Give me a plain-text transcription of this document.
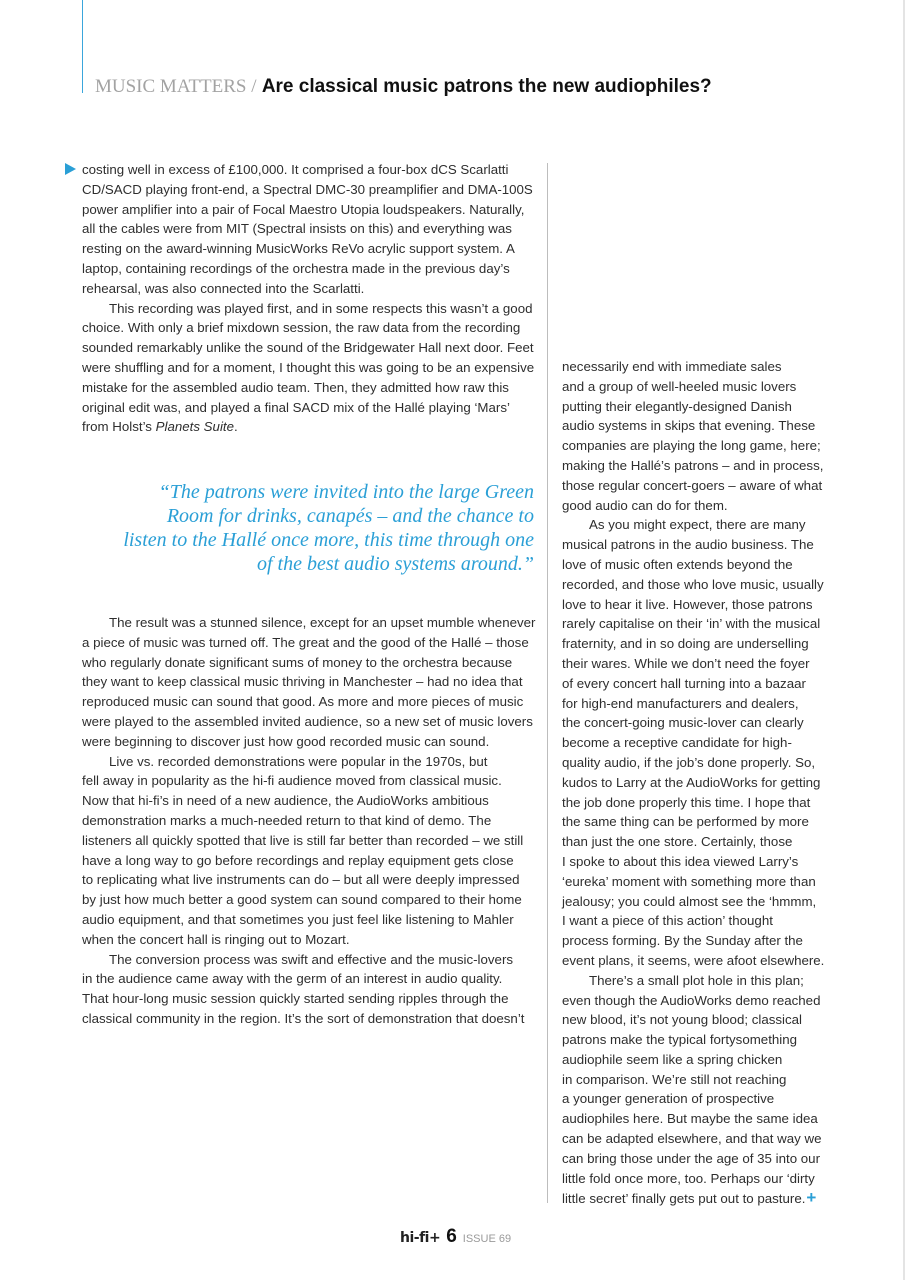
MUSIC MATTERS / Are classical music patrons the new audiophiles?
costing well in excess of £100,000. It comprised a four-box dCS Scarlatti
CD/SACD playing front-end, a Spectral DMC-30 preamplifier and DMA-100S
power amplifier into a pair of Focal Maestro Utopia loudspeakers. Naturally,
all the cables were from MIT (Spectral insists on this) and everything was
resting on the award-winning MusicWorks ReVo acrylic support system. A
laptop, containing recordings of the orchestra made in the previous day’s
rehearsal, was also connected into the Scarlatti.
This recording was played first, and in some respects this wasn’t a good
choice. With only a brief mixdown session, the raw data from the recording
sounded remarkably unlike the sound of the Bridgewater Hall next door. Feet
were shuffling and for a moment, I thought this was going to be an expensive
mistake for the assembled audio team. Then, they admitted how raw this
original edit was, and played a final SACD mix of the Hallé playing ‘Mars’
from Holst’s Planets Suite.
“The patrons were invited into the large Green
Room for drinks, canapés – and the chance to
listen to the Hallé once more, this time through one
of the best audio systems around.”
The result was a stunned silence, except for an upset mumble whenever
a piece of music was turned off. The great and the good of the Hallé – those
who regularly donate significant sums of money to the orchestra because
they want to keep classical music thriving in Manchester – had no idea that
reproduced music can sound that good. As more and more pieces of music
were played to the assembled invited audience, so a new set of music lovers
were beginning to discover just how good recorded music can sound.
Live vs. recorded demonstrations were popular in the 1970s, but
fell away in popularity as the hi-fi audience moved from classical music.
Now that hi-fi’s in need of a new audience, the AudioWorks ambitious
demonstration marks a much-needed return to that kind of demo. The
listeners all quickly spotted that live is still far better than recorded – we still
have a long way to go before recordings and replay equipment gets close
to replicating what live instruments can do – but all were deeply impressed
by just how much better a good system can sound compared to their home
audio equipment, and that sometimes you just feel like listening to Mahler
when the concert hall is ringing out to Mozart.
The conversion process was swift and effective and the music-lovers
in the audience came away with the germ of an interest in audio quality.
That hour-long music session quickly started sending ripples through the
classical community in the region. It’s the sort of demonstration that doesn’t
necessarily end with immediate sales
and a group of well-heeled music lovers
putting their elegantly-designed Danish
audio systems in skips that evening. These
companies are playing the long game, here;
making the Hallé’s patrons – and in process,
those regular concert-goers – aware of what
good audio can do for them.
As you might expect, there are many
musical patrons in the audio business. The
love of music often extends beyond the
recorded, and those who love music, usually
love to hear it live. However, those patrons
rarely capitalise on their ‘in’ with the musical
fraternity, and in so doing are underselling
their wares. While we don’t need the foyer
of every concert hall turning into a bazaar
for high-end manufacturers and dealers,
the concert-going music-lover can clearly
become a receptive candidate for high-
quality audio, if the job’s done properly. So,
kudos to Larry at the AudioWorks for getting
the job done properly this time. I hope that
the same thing can be performed by more
than just the one store. Certainly, those
I spoke to about this idea viewed Larry’s
‘eureka’ moment with something more than
jealousy; you could almost see the ‘hmmm,
I want a piece of this action’ thought
process forming. By the Sunday after the
event plans, it seems, were afoot elsewhere.
There’s a small plot hole in this plan;
even though the AudioWorks demo reached
new blood, it’s not young blood; classical
patrons make the typical fortysomething
audiophile seem like a spring chicken
in comparison. We’re still not reaching
a younger generation of prospective
audiophiles here. But maybe the same idea
can be adapted elsewhere, and that way we
can bring those under the age of 35 into our
little fold once more, too. Perhaps our ‘dirty
little secret’ finally gets put out to pasture.+
hi-fi+ 6 ISSUE 69
